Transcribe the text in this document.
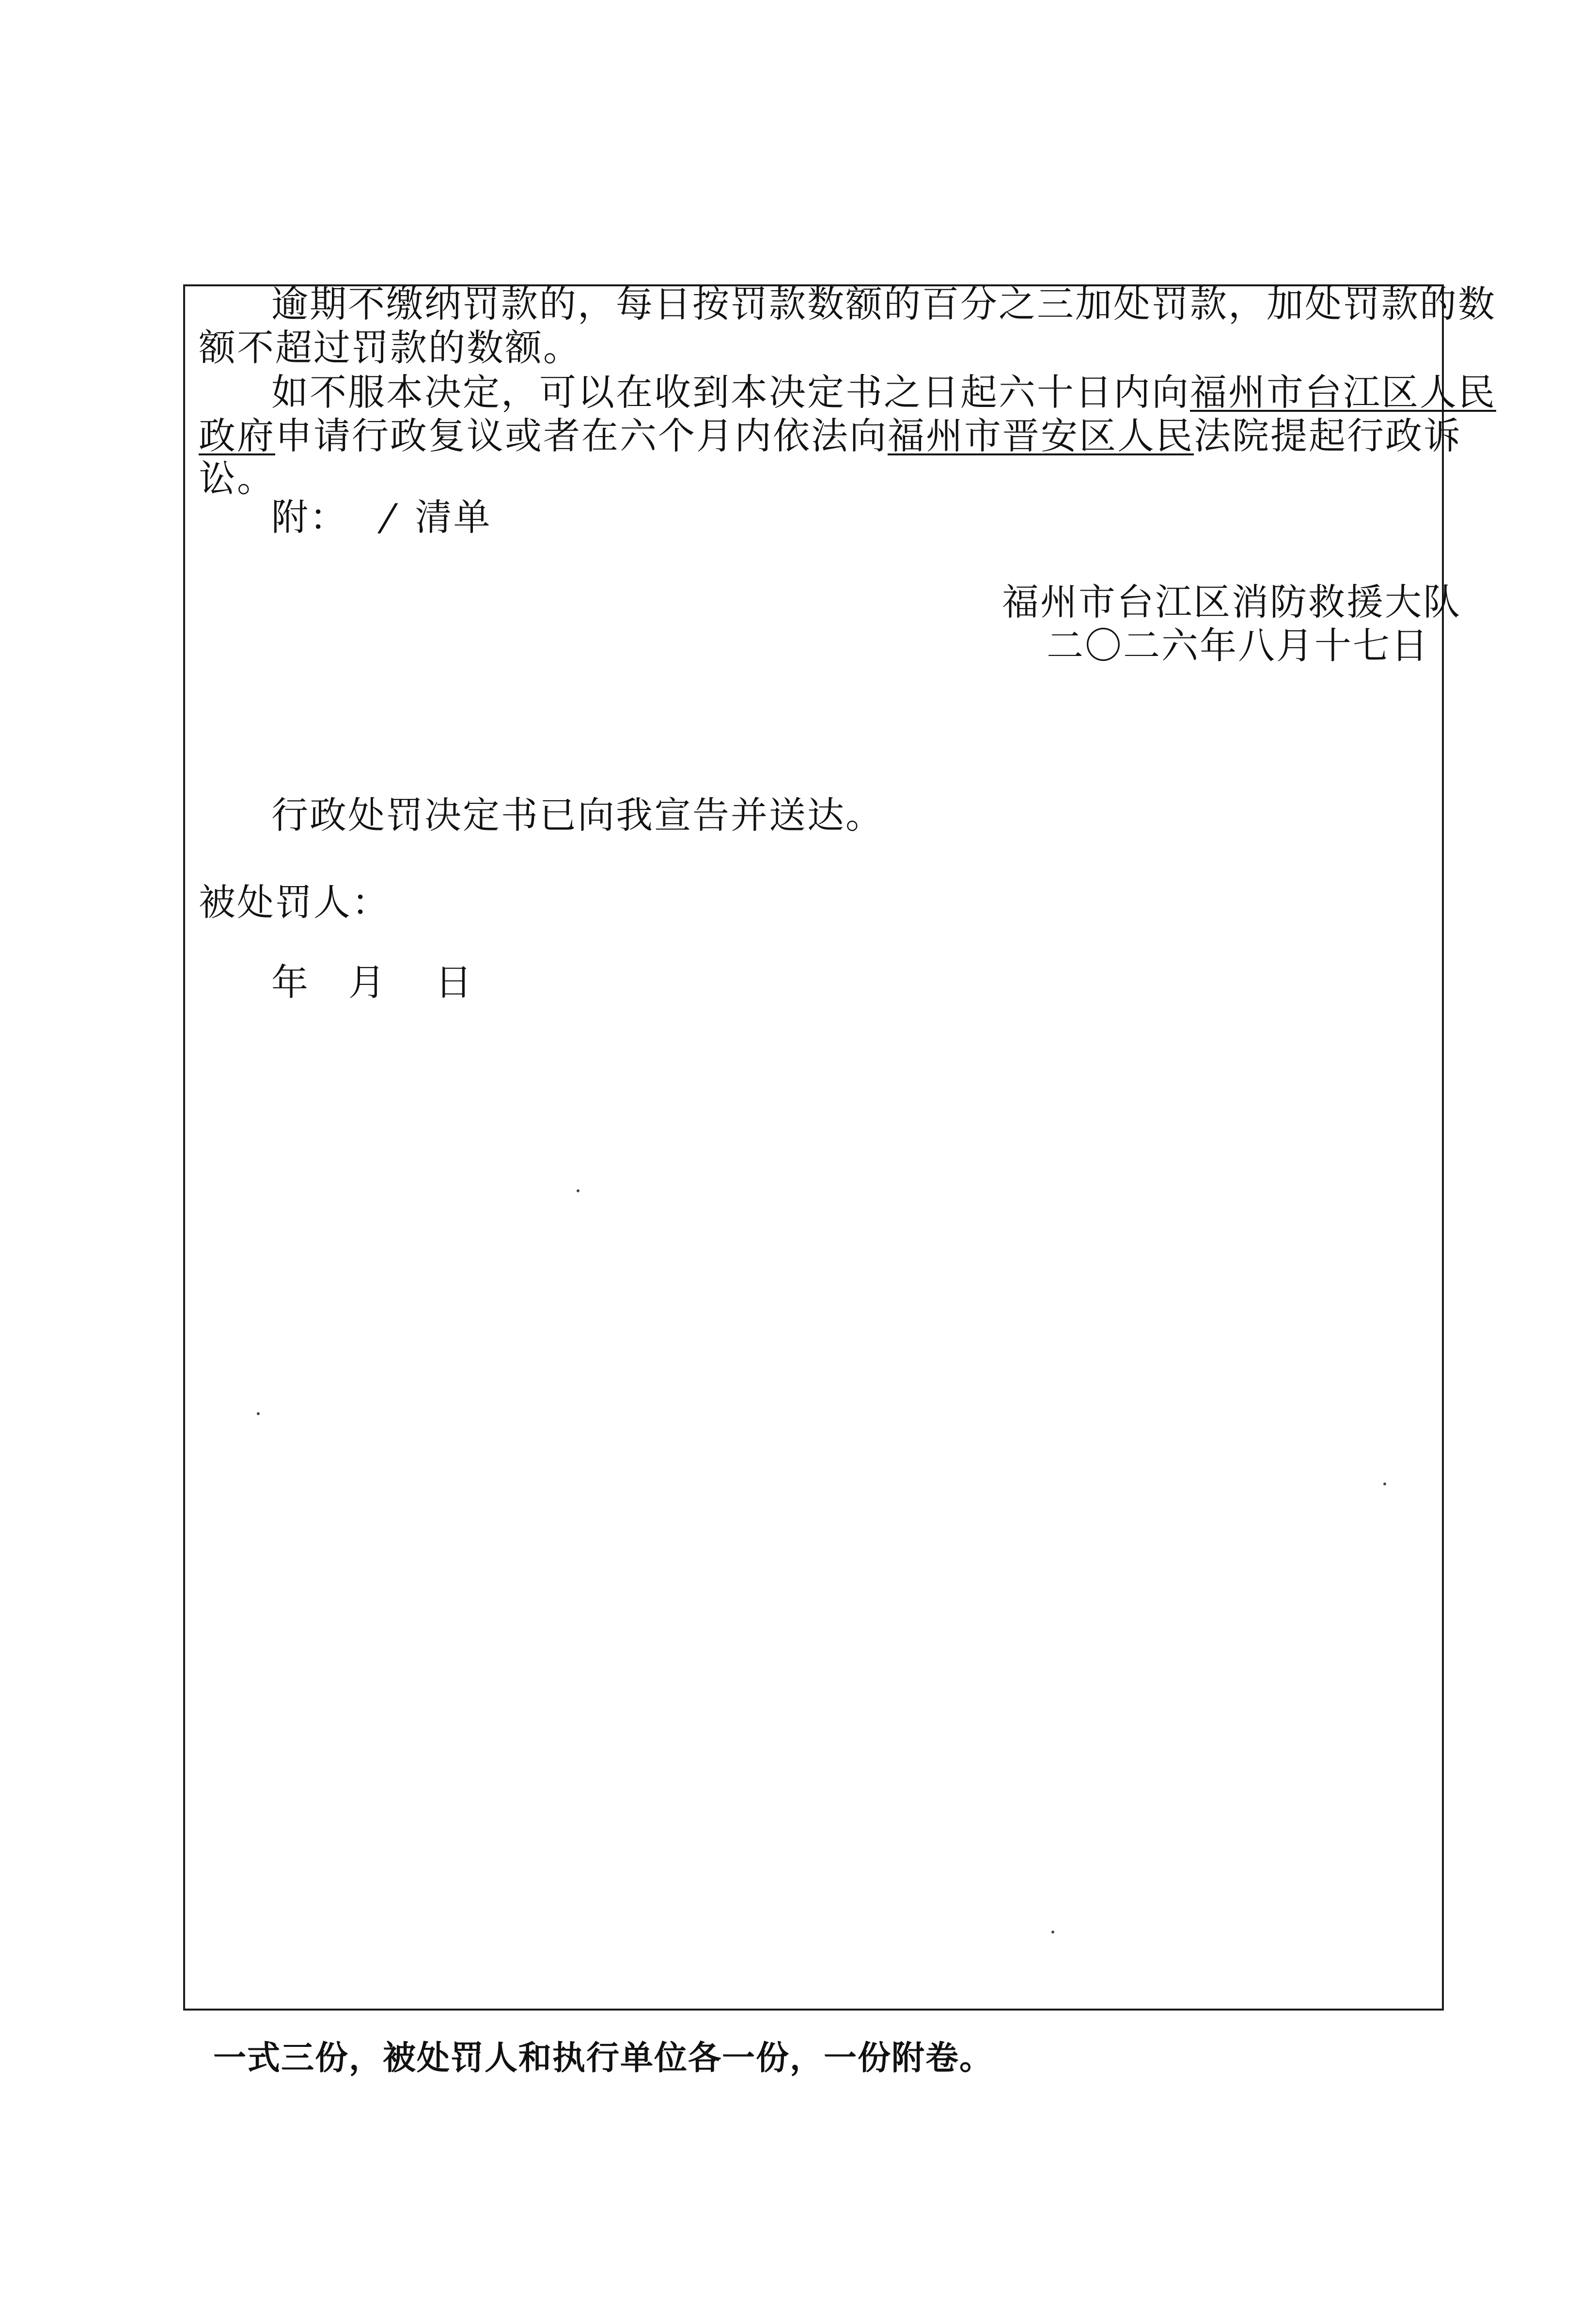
逾期不缴纳罚款的，每日按罚款数额的百分之三加处罚款，加处罚款的数
额不超过罚款的数额。
如不服本决定，可以在收到本决定书之日起六十日内向福州市台江区人民
政府申请行政复议或者在六个月内依法向福州市晋安区人民法院提起行政诉
讼。
附： / 清单
福州市台江区消防救援大队
二〇二六年八月十七日
行政处罚决定书已向我宣告并送达。
被处罚人：
年 月 日
一式三份，被处罚人和执行单位各一份，一份附卷。
